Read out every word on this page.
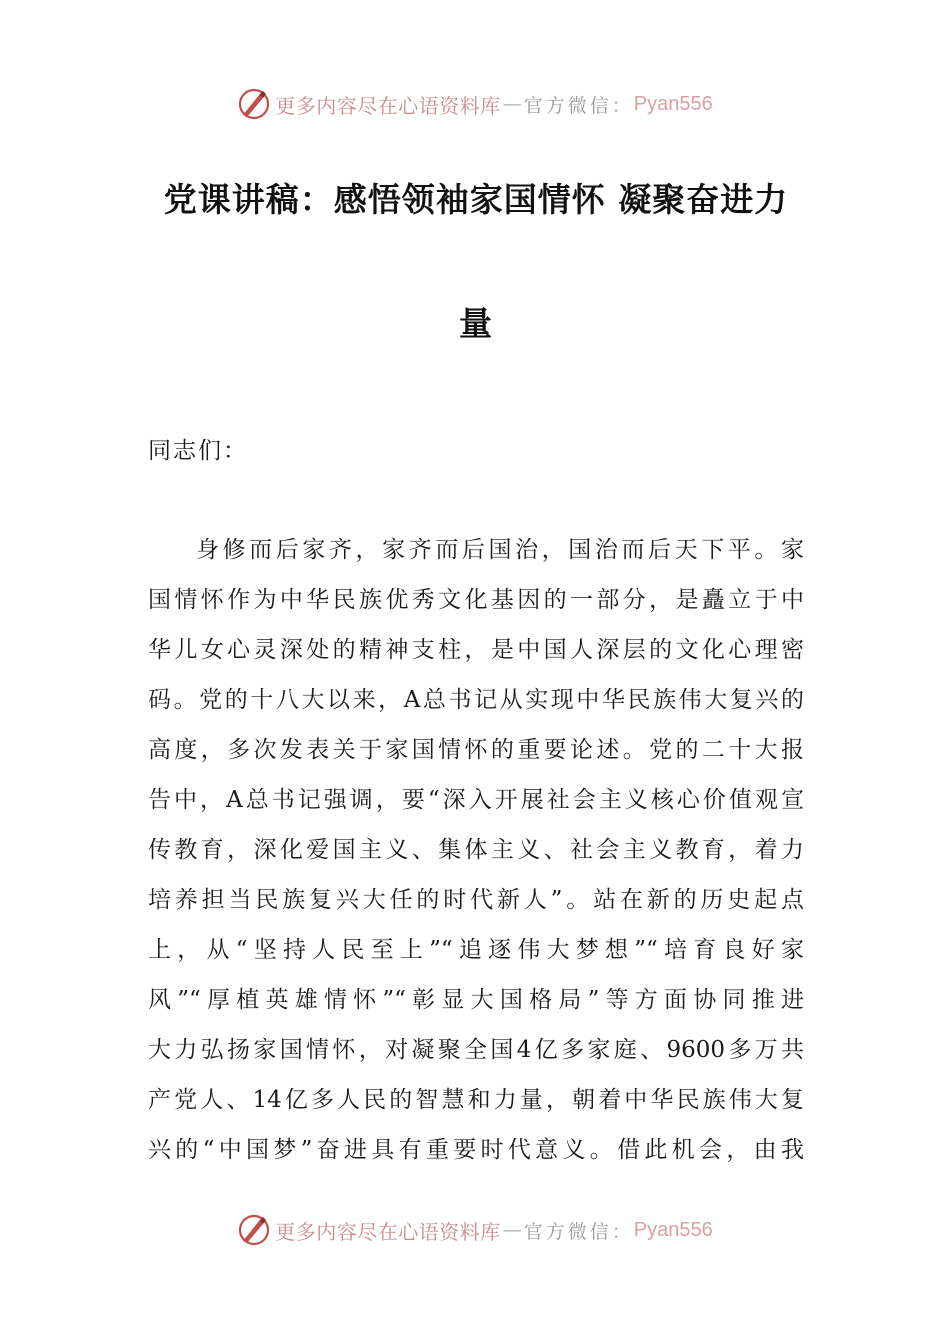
更多内容尽在心语资料库 — 官方微信： Pyan556
党课讲稿：感悟领袖家国情怀 凝聚奋进力
量
同志们：
身修而后家齐，家齐而后国治，国治而后天下平。家
国情怀作为中华民族优秀文化基因的一部分，是矗立于中
华儿女心灵深处的精神支柱，是中国人深层的文化心理密
码。党的十八大以来，A总书记从实现中华民族伟大复兴的
高度，多次发表关于家国情怀的重要论述。党的二十大报
告中，A总书记强调，要“深入开展社会主义核心价值观宣
传教育，深化爱国主义、集体主义、社会主义教育，着力
培养担当民族复兴大任的时代新人”。站在新的历史起点
上，从“坚持人民至上”“追逐伟大梦想”“培育良好家
风”“厚植英雄情怀”“彰显大国格局”等方面协同推进
大力弘扬家国情怀，对凝聚全国4亿多家庭、9600多万共
产党人、14亿多人民的智慧和力量，朝着中华民族伟大复
兴的“中国梦”奋进具有重要时代意义。借此机会，由我
更多内容尽在心语资料库 — 官方微信： Pyan556
